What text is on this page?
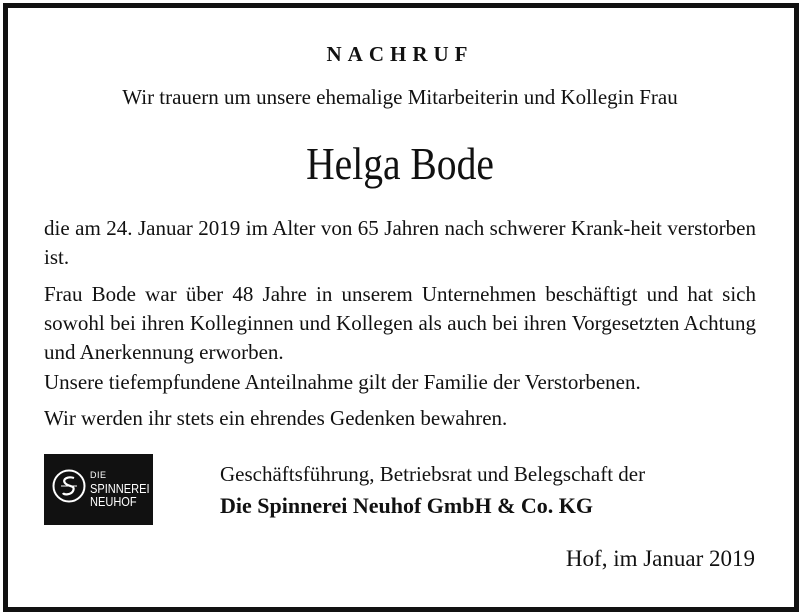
NACHRUF
Wir trauern um unsere ehemalige Mitarbeiterin und Kollegin Frau
Helga Bode
die am 24. Januar 2019 im Alter von 65 Jahren nach schwerer Krank-heit verstorben ist.
Frau Bode war über 48 Jahre in unserem Unternehmen beschäftigt und hat sich sowohl bei ihren Kolleginnen und Kollegen als auch bei ihren Vorgesetzten Achtung und Anerkennung erworben.
Unsere tiefempfundene Anteilnahme gilt der Familie der Verstorbenen.
Wir werden ihr stets ein ehrendes Gedenken bewahren.
DIE
SPINNEREI
NEUHOF
Geschäftsführung, Betriebsrat und Belegschaft der
Die Spinnerei Neuhof GmbH & Co. KG
Hof, im Januar 2019
